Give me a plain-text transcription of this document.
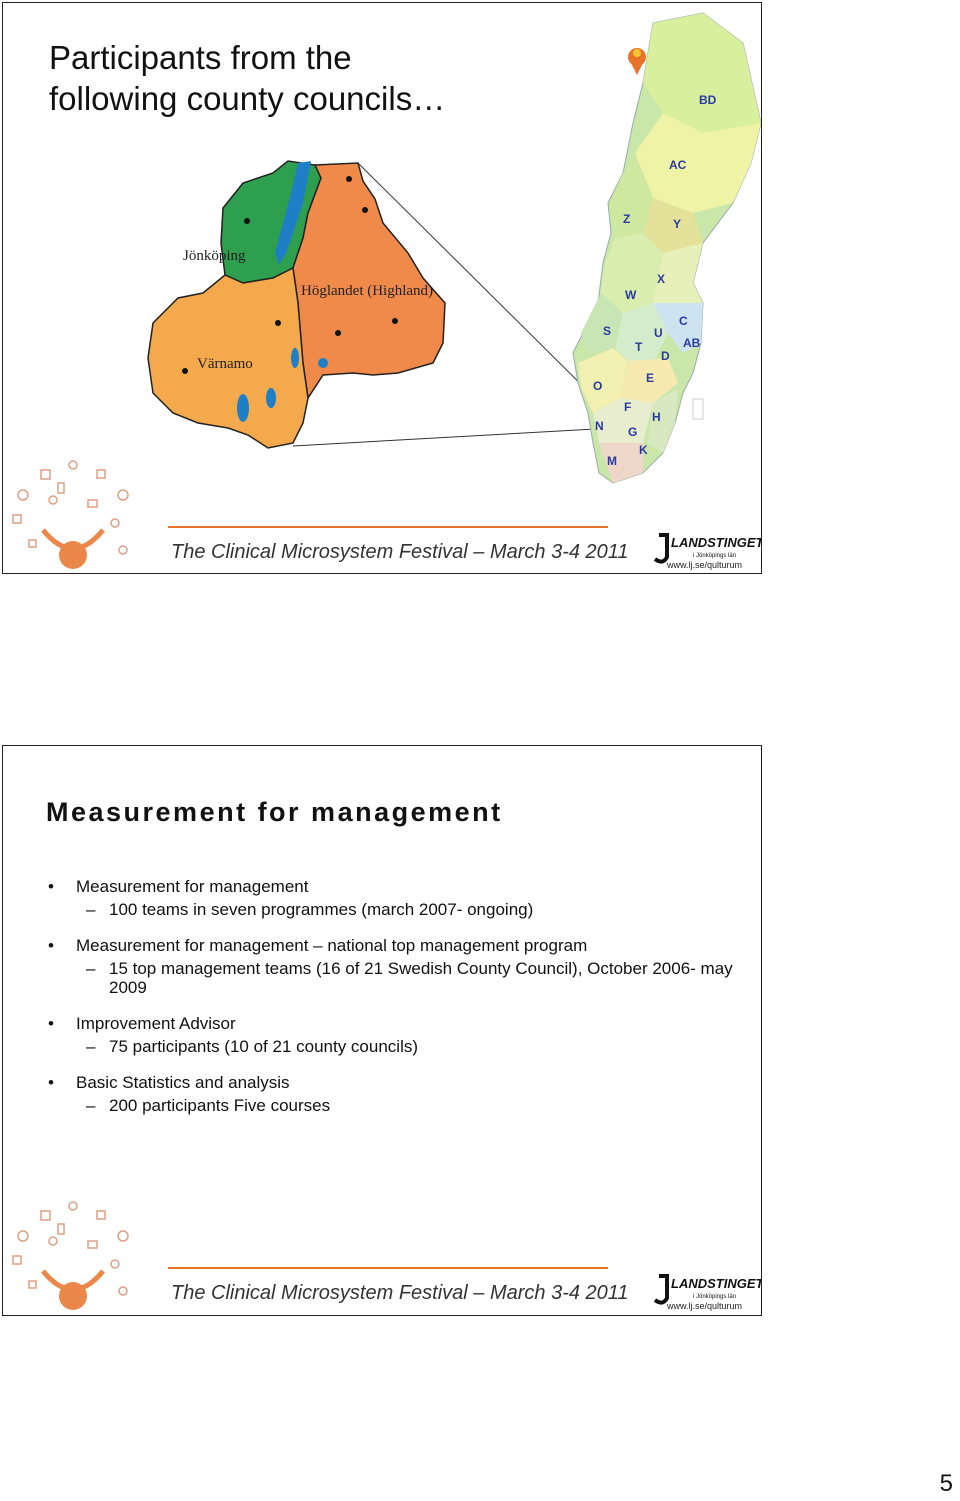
Participants from the
following county councils…
Jönköping
Höglandet (Highland)
Värnamo
BD
AC
Z	Y
X
W
S	U
C
AB
T
D
E
O
F
H
N G
K
M
The Clinical Microsystem Festival – March 3-4 2011	LANDSTINGET
i Jönköpings län
www.lj.se/qulturum
The Clinical Microsystem Festival – March 3-4 2011	LANDSTINGET
i Jönköpings län
www.lj.se/qulturum
Measurement for management
• Measurement for management
– 100 teams in seven programmes (march 2007- ongoing)
• Measurement for management – national top management program
– 15 top management teams (16 of 21 Swedish County Council), October 2006- may 2009
• Improvement Advisor
– 75 participants (10 of 21 county councils)
• Basic Statistics and analysis
– 200 participants Five courses
5
